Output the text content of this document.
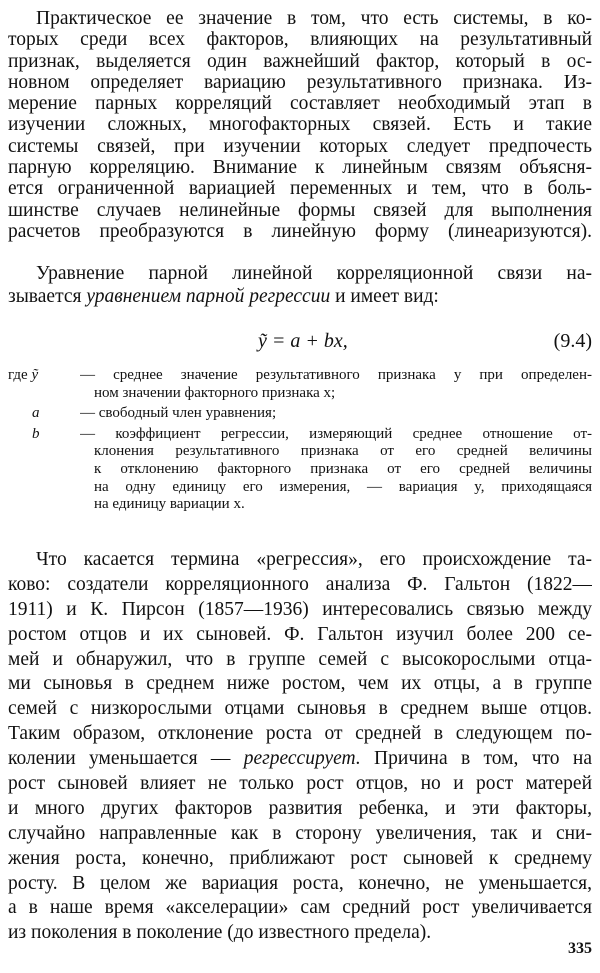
Практическое ее значение в том, что есть системы, в ко-
торых среди всех факторов, влияющих на результативный
признак, выделяется один важнейший фактор, который в ос-
новном определяет вариацию результативного признака. Из-
мерение парных корреляций составляет необходимый этап в
изучении сложных, многофакторных связей. Есть и такие
системы связей, при изучении которых следует предпочесть
парную корреляцию. Внимание к линейным связям объясня-
ется ограниченной вариацией переменных и тем, что в боль-
шинстве случаев нелинейные формы связей для выполнения
расчетов преобразуются в линейную форму (линеаризуются).
Уравнение парной линейной корреляционной связи на-
зывается уравнением парной регрессии и имеет вид:
ỹ = a + bx,	(9.4)
где ỹ	— среднее значение результативного признака y при определен-
ном значении факторного признака x;
a	— свободный член уравнения;
b	— коэффициент регрессии, измеряющий среднее отношение от-
клонения результативного признака от его средней величины
к отклонению факторного признака от его средней величины
на одну единицу его измерения, — вариация y, приходящаяся
на единицу вариации x.
Что касается термина «регрессия», его происхождение та-
ково: создатели корреляционного анализа Ф. Гальтон (1822—
1911) и К. Пирсон (1857—1936) интересовались связью между
ростом отцов и их сыновей. Ф. Гальтон изучил более 200 се-
мей и обнаружил, что в группе семей с высокорослыми отца-
ми сыновья в среднем ниже ростом, чем их отцы, а в группе
семей с низкорослыми отцами сыновья в среднем выше отцов.
Таким образом, отклонение роста от средней в следующем по-
колении уменьшается — регрессирует. Причина в том, что на
рост сыновей влияет не только рост отцов, но и рост матерей
и много других факторов развития ребенка, и эти факторы,
случайно направленные как в сторону увеличения, так и сни-
жения роста, конечно, приближают рост сыновей к среднему
росту. В целом же вариация роста, конечно, не уменьшается,
а в наше время «акселерации» сам средний рост увеличивается
из поколения в поколение (до известного предела).
335
